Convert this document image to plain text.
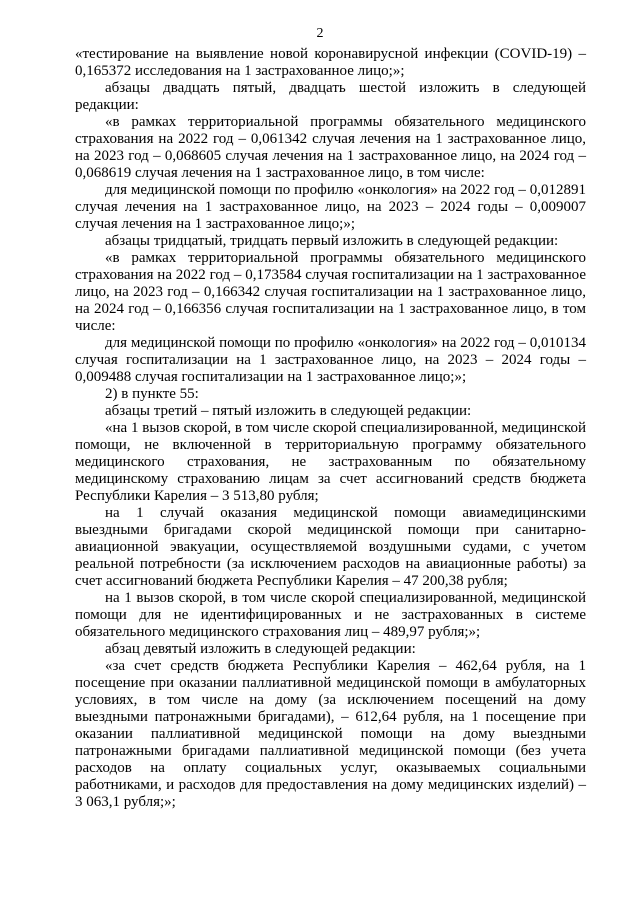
2

«тестирование на выявление новой коронавирусной инфекции (COVID-19) – 0,165372 исследования на 1 застрахованное лицо;»;

абзацы двадцать пятый, двадцать шестой изложить в следующей редакции:

«в рамках территориальной программы обязательного медицинского страхования на 2022 год – 0,061342 случая лечения на 1 застрахованное лицо, на 2023 год – 0,068605 случая лечения на 1 застрахованное лицо, на 2024 год – 0,068619 случая лечения на 1 застрахованное лицо, в том числе:

для медицинской помощи по профилю «онкология» на 2022 год – 0,012891 случая лечения на 1 застрахованное лицо, на 2023 – 2024 годы – 0,009007 случая лечения на 1 застрахованное лицо;»;

абзацы тридцатый, тридцать первый изложить в следующей редакции:

«в рамках территориальной программы обязательного медицинского страхования на 2022 год – 0,173584 случая госпитализации на 1 застрахованное лицо, на 2023 год – 0,166342 случая госпитализации на 1 застрахованное лицо, на 2024 год – 0,166356 случая госпитализации на 1 застрахованное лицо, в том числе:

для медицинской помощи по профилю «онкология» на 2022 год – 0,010134 случая госпитализации на 1 застрахованное лицо, на 2023 – 2024 годы – 0,009488 случая госпитализации на 1 застрахованное лицо;»;

2) в пункте 55:

абзацы третий – пятый изложить в следующей редакции:

«на 1 вызов скорой, в том числе скорой специализированной, медицинской помощи, не включенной в территориальную программу обязательного медицинского страхования, не застрахованным по обязательному медицинскому страхованию лицам за счет ассигнований средств бюджета Республики Карелия – 3 513,80 рубля;

на 1 случай оказания медицинской помощи авиамедицинскими выездными бригадами скорой медицинской помощи при санитарно-авиационной эвакуации, осуществляемой воздушными судами, с учетом реальной потребности (за исключением расходов на авиационные работы) за счет ассигнований бюджета Республики Карелия – 47 200,38 рубля;

на 1 вызов скорой, в том числе скорой специализированной, медицинской помощи для не идентифицированных и не застрахованных в системе обязательного медицинского страхования лиц – 489,97 рубля;»;

абзац девятый изложить в следующей редакции:

«за счет средств бюджета Республики Карелия – 462,64 рубля, на 1 посещение при оказании паллиативной медицинской помощи в амбулаторных условиях, в том числе на дому (за исключением посещений на дому выездными патронажными бригадами), – 612,64 рубля, на 1 посещение при оказании паллиативной медицинской помощи на дому выездными патронажными бригадами паллиативной медицинской помощи (без учета расходов на оплату социальных услуг, оказываемых социальными работниками, и расходов для предоставления на дому медицинских изделий) – 3 063,1 рубля;»;
